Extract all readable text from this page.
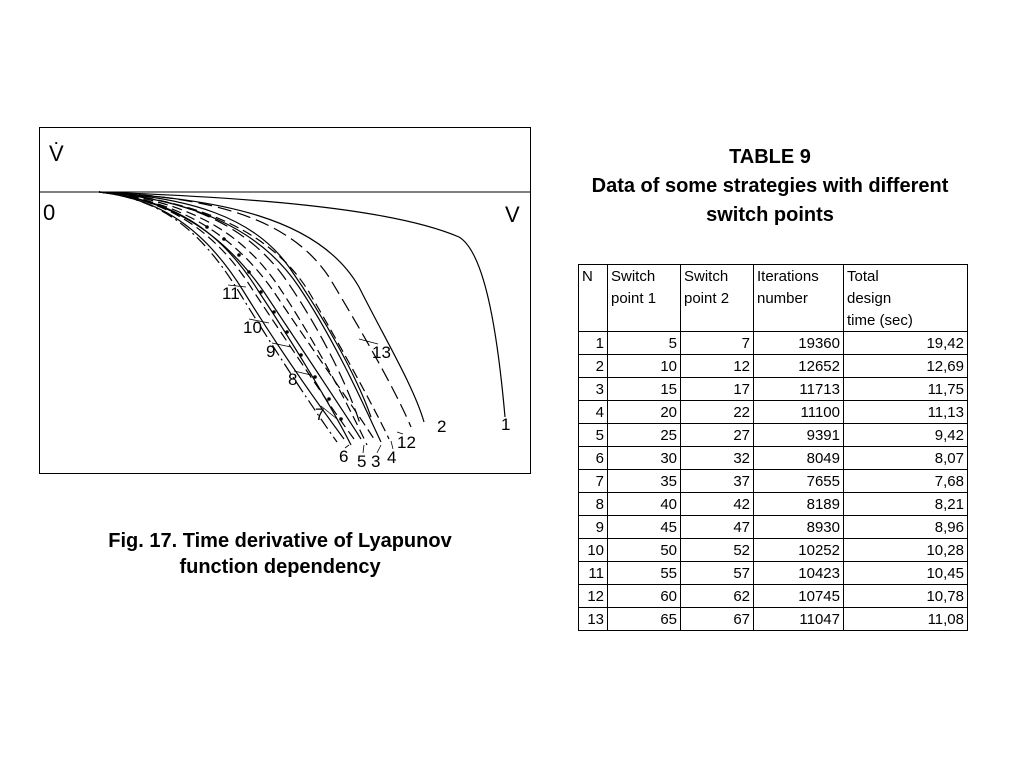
V̇
0	V
1
2
3 4
5
6
7
8
9
10
11
12
13
Fig. 17. Time derivative of Lyapunov
function dependency
TABLE 9
Data of some strategies with different
switch points
N	Switch	Switch	Iterations	Total
	point 1	point 2	number	design
				time (sec)
1	5	7	19360	19,42
2	10	12	12652	12,69
3	15	17	11713	11,75
4	20	22	11100	11,13
5	25	27	9391	9,42
6	30	32	8049	8,07
7	35	37	7655	7,68
8	40	42	8189	8,21
9	45	47	8930	8,96
10	50	52	10252	10,28
11	55	57	10423	10,45
12	60	62	10745	10,78
13	65	67	11047	11,08
